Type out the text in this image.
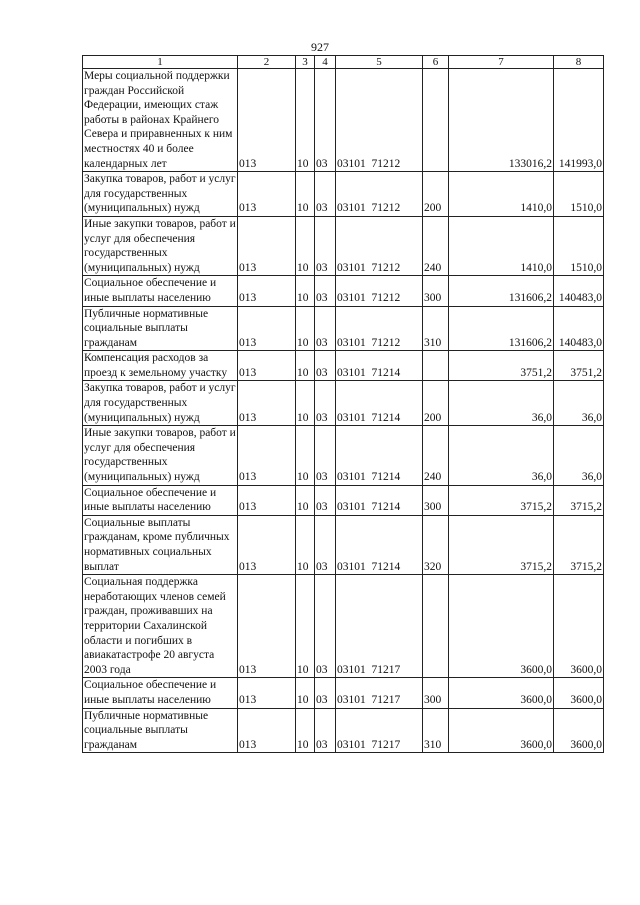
927
1	2	3	4	5	6	7	8
Меры социальной поддержки граждан Российской Федерации, имеющих стаж работы в районах Крайнего Севера и приравненных к ним местностях 40 и более календарных лет	013	10	03	03101  71212		133016,2	141993,0
Закупка товаров, работ и услуг для государственных (муниципальных) нужд	013	10	03	03101  71212	200	1410,0	1510,0
Иные закупки товаров, работ и услуг для обеспечения государственных (муниципальных) нужд	013	10	03	03101  71212	240	1410,0	1510,0
Социальное обеспечение и иные выплаты населению	013	10	03	03101  71212	300	131606,2	140483,0
Публичные нормативные социальные выплаты гражданам	013	10	03	03101  71212	310	131606,2	140483,0
Компенсация расходов за проезд к земельному участку	013	10	03	03101  71214		3751,2	3751,2
Закупка товаров, работ и услуг для государственных (муниципальных) нужд	013	10	03	03101  71214	200	36,0	36,0
Иные закупки товаров, работ и услуг для обеспечения государственных (муниципальных) нужд	013	10	03	03101  71214	240	36,0	36,0
Социальное обеспечение и иные выплаты населению	013	10	03	03101  71214	300	3715,2	3715,2
Социальные выплаты гражданам, кроме публичных нормативных социальных выплат	013	10	03	03101  71214	320	3715,2	3715,2
Социальная поддержка неработающих членов семей граждан, проживавших на территории Сахалинской области и погибших в авиакатастрофе 20 августа 2003 года	013	10	03	03101  71217		3600,0	3600,0
Социальное обеспечение и иные выплаты населению	013	10	03	03101  71217	300	3600,0	3600,0
Публичные нормативные социальные выплаты гражданам	013	10	03	03101  71217	310	3600,0	3600,0
